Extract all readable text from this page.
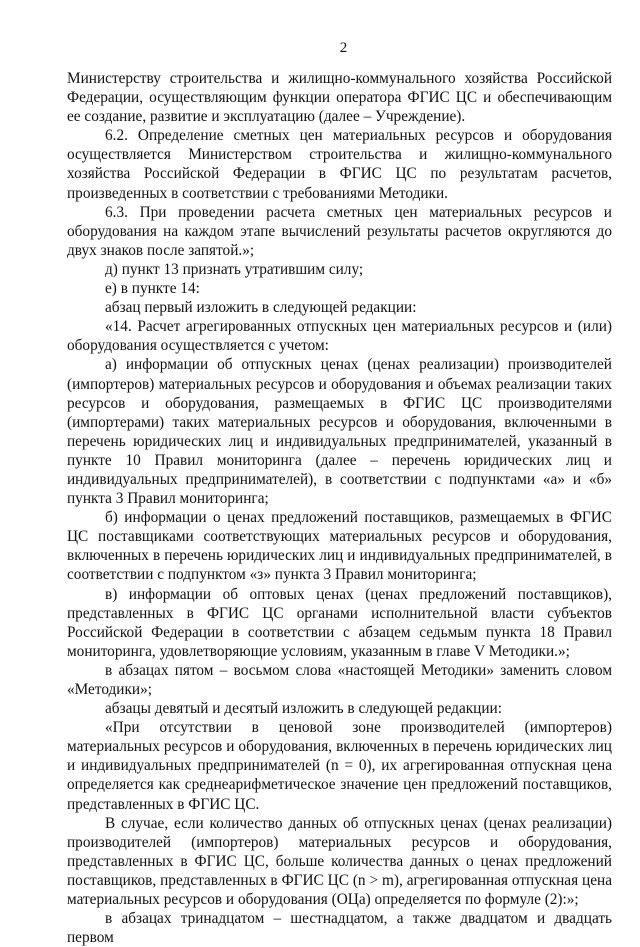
2

Министерству строительства и жилищно-коммунального хозяйства Российской Федерации, осуществляющим функции оператора ФГИС ЦС и обеспечивающим ее создание, развитие и эксплуатацию (далее – Учреждение).

6.2. Определение сметных цен материальных ресурсов и оборудования осуществляется Министерством строительства и жилищно-коммунального хозяйства Российской Федерации в ФГИС ЦС по результатам расчетов, произведенных в соответствии с требованиями Методики.

6.3. При проведении расчета сметных цен материальных ресурсов и оборудования на каждом этапе вычислений результаты расчетов округляются до двух знаков после запятой.»;

д) пункт 13 признать утратившим силу;

е) в пункте 14:

абзац первый изложить в следующей редакции:

«14. Расчет агрегированных отпускных цен материальных ресурсов и (или) оборудования осуществляется с учетом:

а) информации об отпускных ценах (ценах реализации) производителей (импортеров) материальных ресурсов и оборудования и объемах реализации таких ресурсов и оборудования, размещаемых в ФГИС ЦС производителями (импортерами) таких материальных ресурсов и оборудования, включенными в перечень юридических лиц и индивидуальных предпринимателей, указанный в пункте 10 Правил мониторинга (далее – перечень юридических лиц и индивидуальных предпринимателей), в соответствии с подпунктами «а» и «б» пункта 3 Правил мониторинга;

б) информации о ценах предложений поставщиков, размещаемых в ФГИС ЦС поставщиками соответствующих материальных ресурсов и оборудования, включенных в перечень юридических лиц и индивидуальных предпринимателей, в соответствии с подпунктом «з» пункта 3 Правил мониторинга;

в) информации об оптовых ценах (ценах предложений поставщиков), представленных в ФГИС ЦС органами исполнительной власти субъектов Российской Федерации в соответствии с абзацем седьмым пункта 18 Правил мониторинга, удовлетворяющие условиям, указанным в главе V Методики.»;

в абзацах пятом – восьмом слова «настоящей Методики» заменить словом «Методики»;

абзацы девятый и десятый изложить в следующей редакции:

«При отсутствии в ценовой зоне производителей (импортеров) материальных ресурсов и оборудования, включенных в перечень юридических лиц и индивидуальных предпринимателей (n = 0), их агрегированная отпускная цена определяется как среднеарифметическое значение цен предложений поставщиков, представленных в ФГИС ЦС.

В случае, если количество данных об отпускных ценах (ценах реализации) производителей (импортеров) материальных ресурсов и оборудования, представленных в ФГИС ЦС, больше количества данных о ценах предложений поставщиков, представленных в ФГИС ЦС (n > m), агрегированная отпускная цена материальных ресурсов и оборудования (ОЦа) определяется по формуле (2):»;

в абзацах тринадцатом – шестнадцатом, а также двадцатом и двадцать первом
